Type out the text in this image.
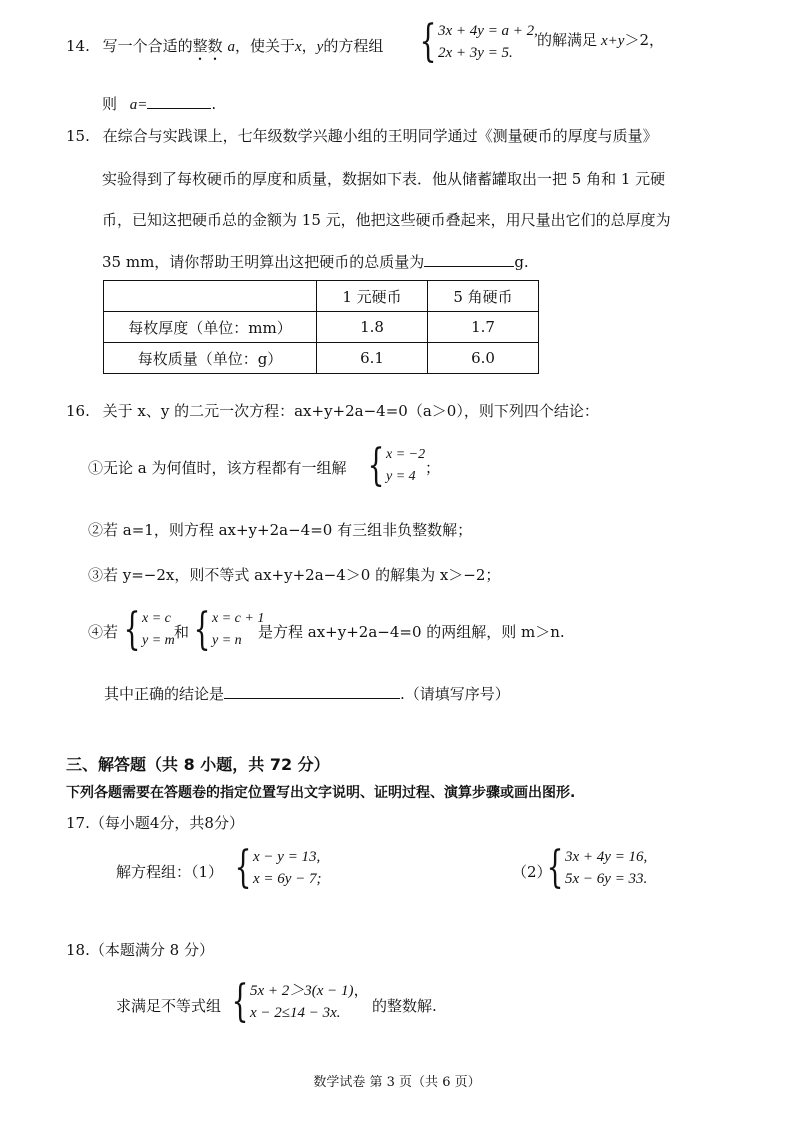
14. 写一个合适的整数 a，使关于x，y的方程组 { 3x + 4y = a + 2,
2x + 3y = 5.
的解满足 x+y＞2，
则 a=	.
15. 在综合与实践课上，七年级数学兴趣小组的王明同学通过《测量硬币的厚度与质量》
实验得到了每枚硬币的厚度和质量，数据如下表．他从储蓄罐取出一把 5 角和 1 元硬
币，已知这把硬币总的金额为 15 元，他把这些硬币叠起来，用尺量出它们的总厚度为
35 mm，请你帮助王明算出这把硬币的总质量为	g.
	1 元硬币	5 角硬币
每枚厚度（单位：mm）	1.8	1.7
每枚质量（单位：g）	6.1	6.0
16. 关于 x、y 的二元一次方程：ax+y+2a−4=0（a＞0），则下列四个结论：
①无论 a 为何值时，该方程都有一组解 { x = −2
y = 4 ；
②若 a=1，则方程 ax+y+2a−4=0 有三组非负整数解；
③若 y=−2x，则不等式 ax+y+2a−4＞0 的解集为 x＞−2；
④若 { x = c
y = m 和 { x = c + 1
y = n	是方程 ax+y+2a−4=0 的两组解，则 m＞n.
其中正确的结论是	.（请填写序号）
三、解答题（共 8 小题，共 72 分）
下列各题需要在答题卷的指定位置写出文字说明、证明过程、演算步骤或画出图形.
17.（每小题4分，共8分）
解方程组：（1） { x − y = 13,
x = 6y − 7;	（2）
{ 3x + 4y = 16,
5x − 6y = 33.
18.（本题满分 8 分）
求满足不等式组 { 5x + 2＞3(x − 1)，
x − 2≤14 − 3x.	的整数解.
数学试卷 第 3 页（共 6 页）
